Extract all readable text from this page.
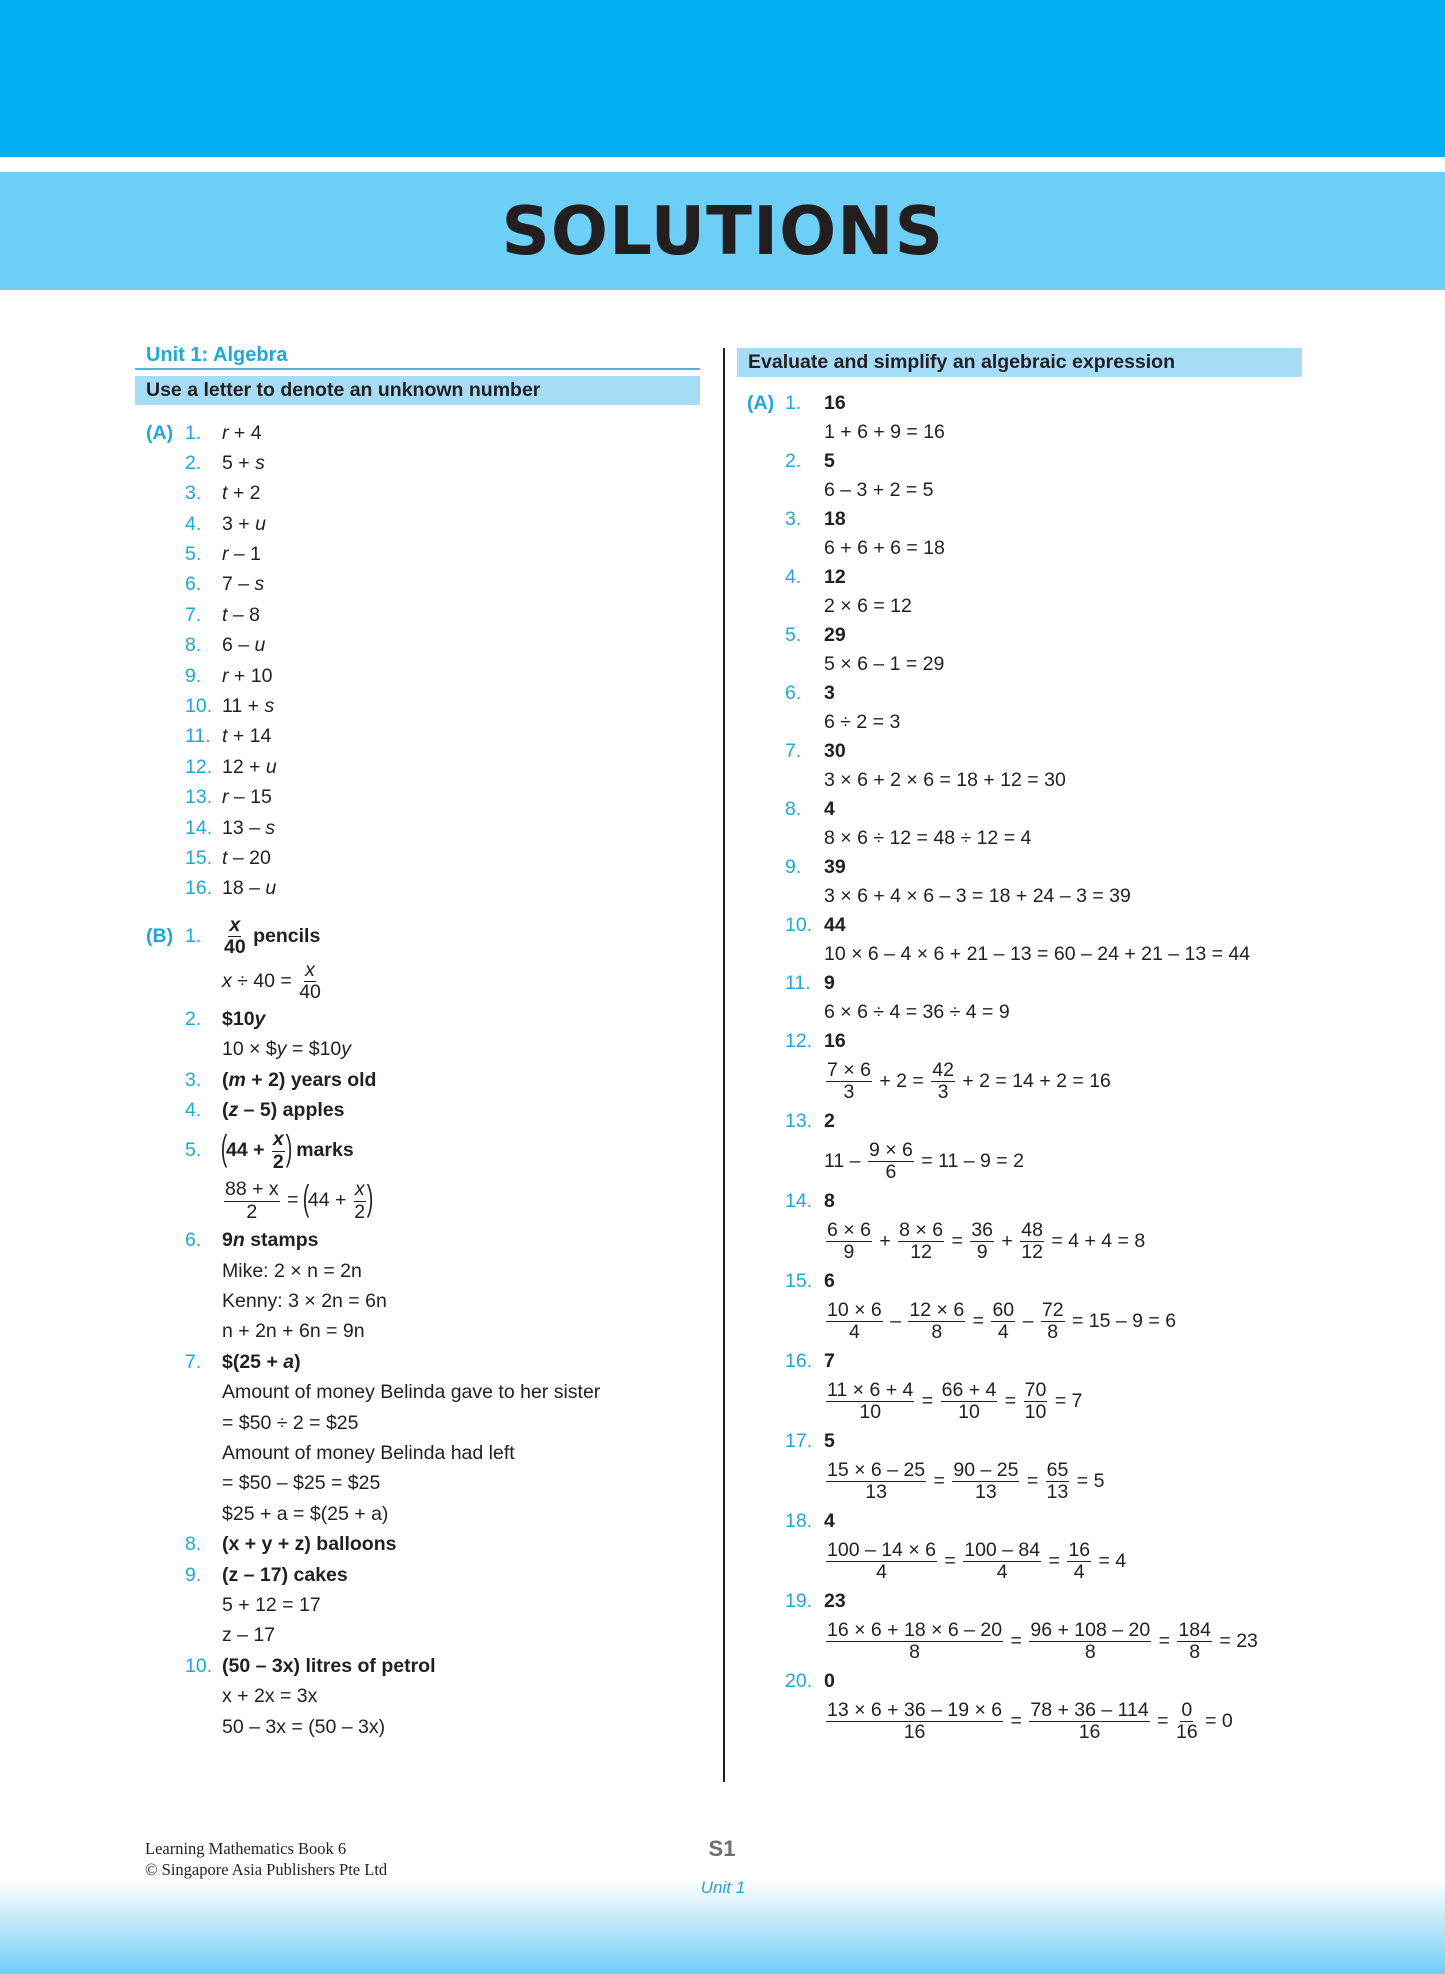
SOLUTIONS
Unit 1: Algebra
Use a letter to denote an unknown number
(A) 1. r + 4
2. 5 + s
3. t + 2
4. 3 + u
5. r – 1
6. 7 – s
7. t – 8
8. 6 – u
9. r + 10
10. 11 + s
11. t + 14
12. 12 + u
13. r – 15
14. 13 – s
15. t – 20
16. 18 – u
(B) 1. $\frac{x}{40}$ pencils
$x \div 40 = \frac{x}{40}$
2. $10y
10 × $y = $10y
3. (m + 2) years old
4. (z – 5) apples
5. ($44 + \frac{x}{2}$ ) marks
$\frac{88 + x}{2} = (44 + \frac{x}{2}$ )
6. 9n stamps
Mike: 2 × n = 2n
Kenny: 3 × 2n = 6n
n + 2n + 6n = 9n
7. $(25 + a)
Amount of money Belinda gave to her sister
= $50 ÷ 2 = $25
Amount of money Belinda had left
= $50 – $25 = $25
$25 + a = $(25 + a)
8. (x + y + z) balloons
9. (z – 17) cakes
5 + 12 = 17
z – 17
10. (50 – 3x) litres of petrol
x + 2x = 3x
50 – 3x = (50 – 3x)
Evaluate and simplify an algebraic expression
(A) 1. 16
1 + 6 + 9 = 16
2. 5
6 – 3 + 2 = 5
3. 18
6 + 6 + 6 = 18
4. 12
2 × 6 = 12
5. 29
5 × 6 – 1 = 29
6. 3
6 ÷ 2 = 3
7. 30
3 × 6 + 2 × 6 = 18 + 12 = 30
8. 4
8 × 6 ÷ 12 = 48 ÷ 12 = 4
9. 39
3 × 6 + 4 × 6 – 3 = 18 + 24 – 3 = 39
10. 44
10 × 6 – 4 × 6 + 21 – 13 = 60 – 24 + 21 – 13 = 44
11. 9
6 × 6 ÷ 4 = 36 ÷ 4 = 9
12. 16
$\frac{7 \times 6}{3} + 2 = \frac{42}{3} + 2 = 14 + 2 = 16$
13. 2
$11 - \frac{9 \times 6}{6} = 11 - 9 = 2$
14. 8
$\frac{6 \times 6}{9} + \frac{8 \times 6}{12} = \frac{36}{9} + \frac{48}{12} = 4 + 4 = 8$
15. 6
$\frac{10 \times 6}{4} - \frac{12 \times 6}{8} = \frac{60}{4} - \frac{72}{8} = 15 - 9 = 6$
16. 7
$\frac{11 \times 6 + 4}{10} = \frac{66 + 4}{10} = \frac{70}{10} = 7$
17. 5
$\frac{15 \times 6 - 25}{13} = \frac{90 - 25}{13} = \frac{65}{13} = 5$
18. 4
$\frac{100 - 14 \times 6}{4} = \frac{100 - 84}{4} = \frac{16}{4} = 4$
19. 23
$\frac{16 \times 6 + 18 \times 6 - 20}{8} = \frac{96 + 108 - 20}{8} = \frac{184}{8} = 23$
20. 0
$\frac{13 \times 6 + 36 - 19 \times 6}{16} = \frac{78 + 36 - 114}{16} = \frac{0}{16} = 0$
Learning Mathematics Book 6
© Singapore Asia Publishers Pte Ltd
S1
Unit 1
